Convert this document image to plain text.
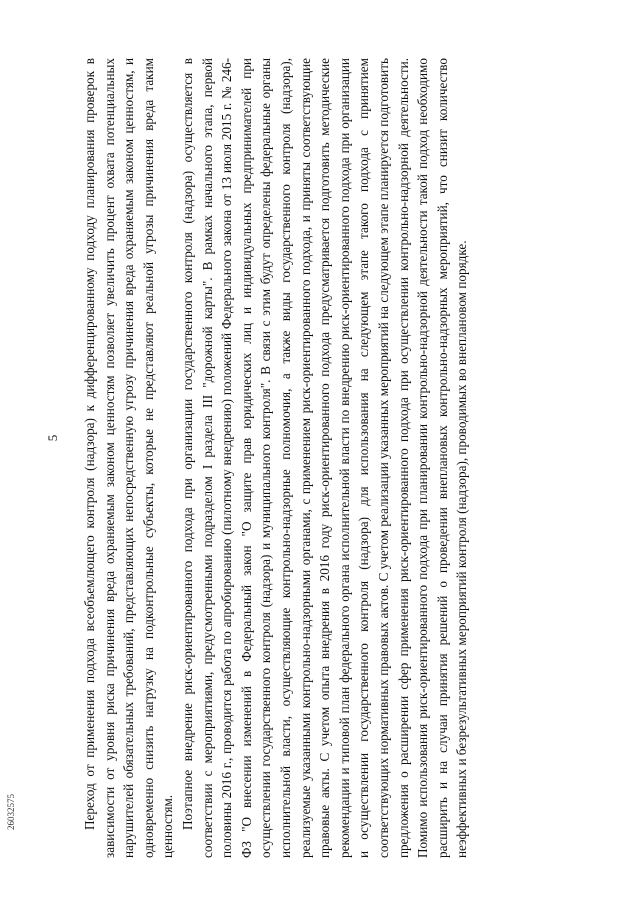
Переход от применения подхода всеобъемлющего контроля (надзора) к дифференцированному подходу планирования проверок в зависимости от уровня риска причинения вреда охраняемым законом ценностям позволяет увеличить процент охвата потенциальных нарушителей обязательных требований, представляющих непосредственную угрозу причинения вреда охраняемым законом ценностям, и одновременно снизить нагрузку на подконтрольные субъекты, которые не представляют реальной угрозы причинения вреда таким ценностям. Поэтапное внедрение риск-ориентированного подхода при организации государственного контроля (надзора) осуществляется в соответствии с мероприятиями, предусмотренными подразделом I раздела III "дорожной карты". В рамках начального этапа, первой половины 2016 г., проводится работа по апробированию (пилотному внедрению) положений Федерального закона от 13 июля 2015 г. № 246-ФЗ "О внесении изменений в Федеральный закон "О защите прав юридических лиц и индивидуальных предпринимателей при осуществлении государственного контроля (надзора) и муниципального контроля". В связи с этим будут определены федеральные органы исполнительной власти, осуществляющие контрольно-надзорные полномочия, а также виды государственного контроля (надзора), реализуемые указанными контрольно-надзорными органами, с применением риск-ориентированного подхода, и приняты соответствующие правовые акты. С учетом опыта внедрения в 2016 году риск-ориентированного подхода предусматривается подготовить методические рекомендации и типовой план федерального органа исполнительной власти по внедрению риск-ориентированного подхода при организации и осуществлении государственного контроля (надзора) для использования на следующем этапе такого подхода с принятием соответствующих нормативных правовых актов. С учетом реализации указанных мероприятий на следующем этапе планируется подготовить предложения о расширении сфер применения риск-ориентированного подхода при осуществлении контрольно-надзорной деятельности. Помимо использования риск-ориентированного подхода при планировании контрольно-надзорной деятельности такой подход необходимо расширить и на случаи принятия решений о проведении внеплановых контрольно-надзорных мероприятий, что снизит количество неэффективных и безрезультативных мероприятий контроля (надзора), проводимых во внеплановом порядке.

5
26032575
